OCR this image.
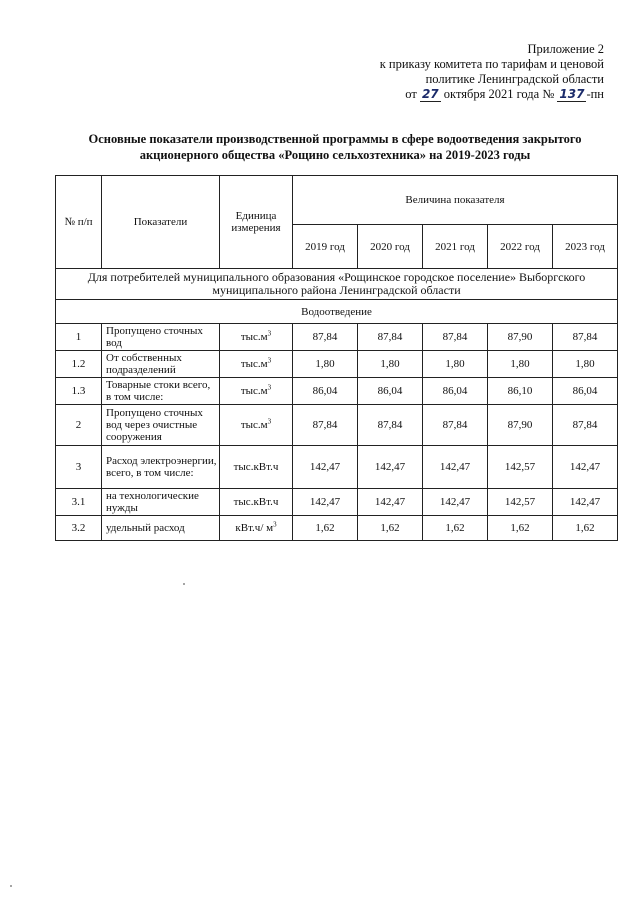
Приложение 2
к приказу комитета по тарифам и ценовой
политике Ленинградской области
от 27 октября 2021 года № 137 -пн
Основные показатели производственной программы в сфере водоотведения закрытого
акционерного общества «Рощино сельхозтехника» на 2019-2023 годы
№ п/п	Показатели	Единица измерения	Величина показателя				
			2019 год	2020 год	2021 год	2022 год	2023 год
Для потребителей муниципального образования «Рощинское городское поселение» Выборгского муниципального района Ленинградской области							
Водоотведение							
1	Пропущено сточных вод	$тыс.м^3$	87,84	87,84	87,84	87,90	87,84
1.2	От собственных подразделений	$тыс.м^3$	1,80	1,80	1,80	1,80	1,80
1.3	Товарные стоки всего, в том числе:	$тыс.м^3$	86,04	86,04	86,04	86,10	86,04
2	Пропущено сточных вод через очистные сооружения	$тыс.м^3$	87,84	87,84	87,84	87,90	87,84
3	Расход электроэнергии, всего, в том числе:	тыс.кВт.ч	142,47	142,47	142,47	142,57	142,47
3.1	на технологические нужды	тыс.кВт.ч	142,47	142,47	142,47	142,57	142,47
3.2	удельный расход	кВт.ч/ $м^3$	1,62	1,62	1,62	1,62	1,62
